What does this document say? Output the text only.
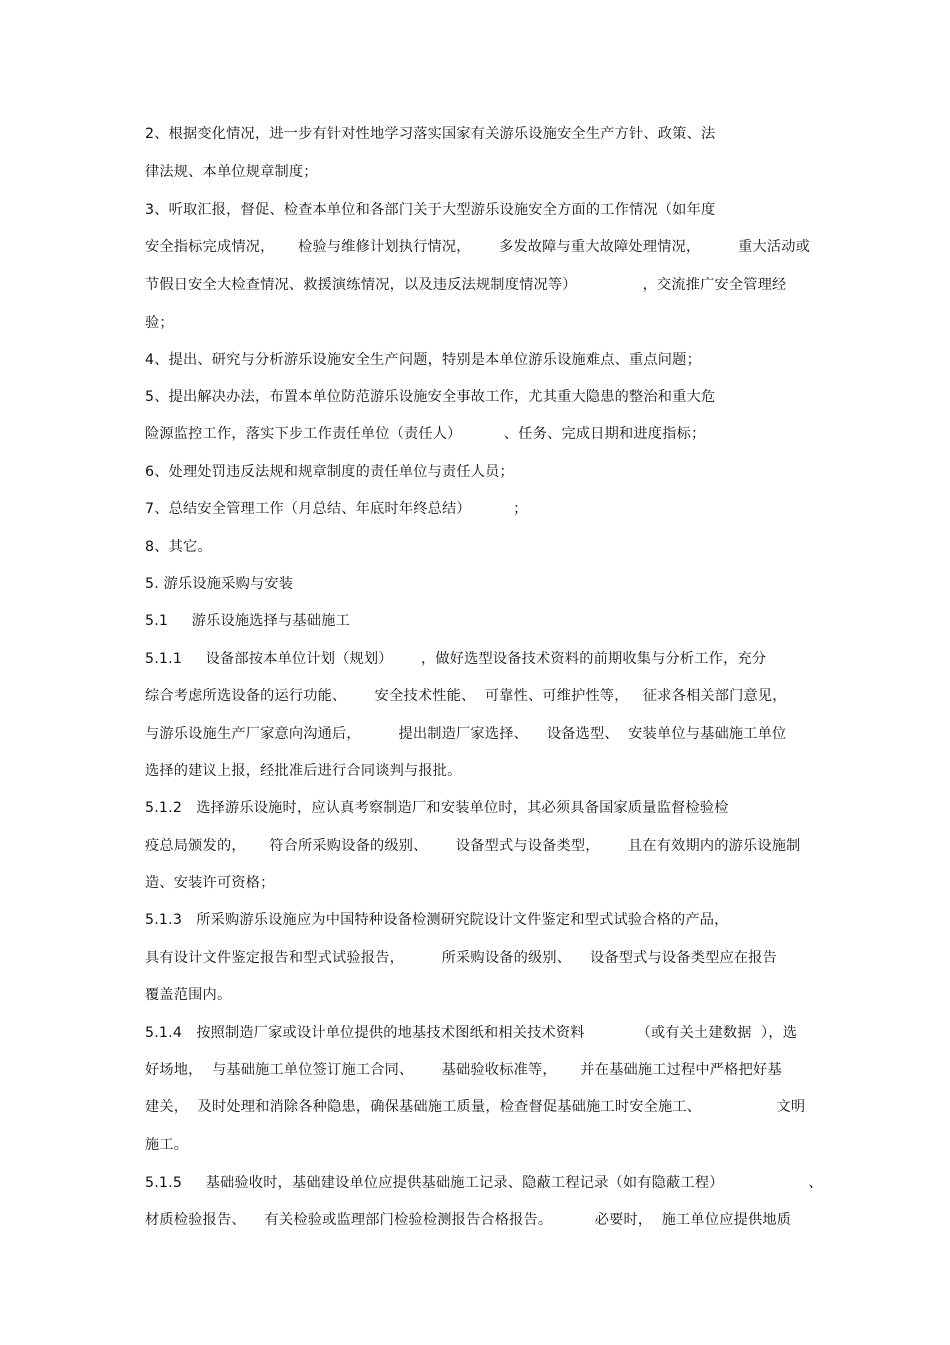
2、根据变化情况，进一步有针对性地学习落实国家有关游乐设施安全生产方针、政策、法
律法规、本单位规章制度；
3、听取汇报，督促、检查本单位和各部门关于大型游乐设施安全方面的工作情况（如年度
安全指标完成情况，     检验与维修计划执行情况，      多发故障与重大故障处理情况，        重大活动或
节假日安全大检查情况、救援演练情况，以及违反法规制度情况等）              ，交流推广安全管理经
验；
4、提出、研究与分析游乐设施安全生产问题，特别是本单位游乐设施难点、重点问题；
5、提出解决办法，布置本单位防范游乐设施安全事故工作，尤其重大隐患的整治和重大危
险源监控工作，落实下步工作责任单位（责任人）         、任务、完成日期和进度指标；
6、处理处罚违反法规和规章制度的责任单位与责任人员；
7、总结安全管理工作（月总结、年底时年终总结）         ；
8、其它。
5. 游乐设施采购与安装
5.1     游乐设施选择与基础施工
5.1.1     设备部按本单位计划（规划）      ，做好选型设备技术资料的前期收集与分析工作，充分
综合考虑所选设备的运行功能、      安全技术性能、  可靠性、可维护性等，   征求各相关部门意见，
与游乐设施生产厂家意向沟通后，        提出制造厂家选择、    设备选型、  安装单位与基础施工单位
选择的建议上报，经批准后进行合同谈判与报批。
5.1.2   选择游乐设施时，应认真考察制造厂和安装单位时，其必须具备国家质量监督检验检
疫总局颁发的，     符合所采购设备的级别、      设备型式与设备类型，      且在有效期内的游乐设施制
造、安装许可资格；
5.1.3   所采购游乐设施应为中国特种设备检测研究院设计文件鉴定和型式试验合格的产品，
具有设计文件鉴定报告和型式试验报告，        所采购设备的级别、    设备型式与设备类型应在报告
覆盖范围内。
5.1.4   按照制造厂家或设计单位提供的地基技术图纸和相关技术资料           （或有关土建数据  ），选
好场地，  与基础施工单位签订施工合同、      基础验收标准等，     并在基础施工过程中严格把好基
建关，  及时处理和消除各种隐患，确保基础施工质量，检查督促基础施工时安全施工、                文明
施工。
5.1.5     基础验收时，基础建设单位应提供基础施工记录、隐蔽工程记录（如有隐蔽工程）                  、
材质检验报告、    有关检验或监理部门检验检测报告合格报告。         必要时，  施工单位应提供地质
